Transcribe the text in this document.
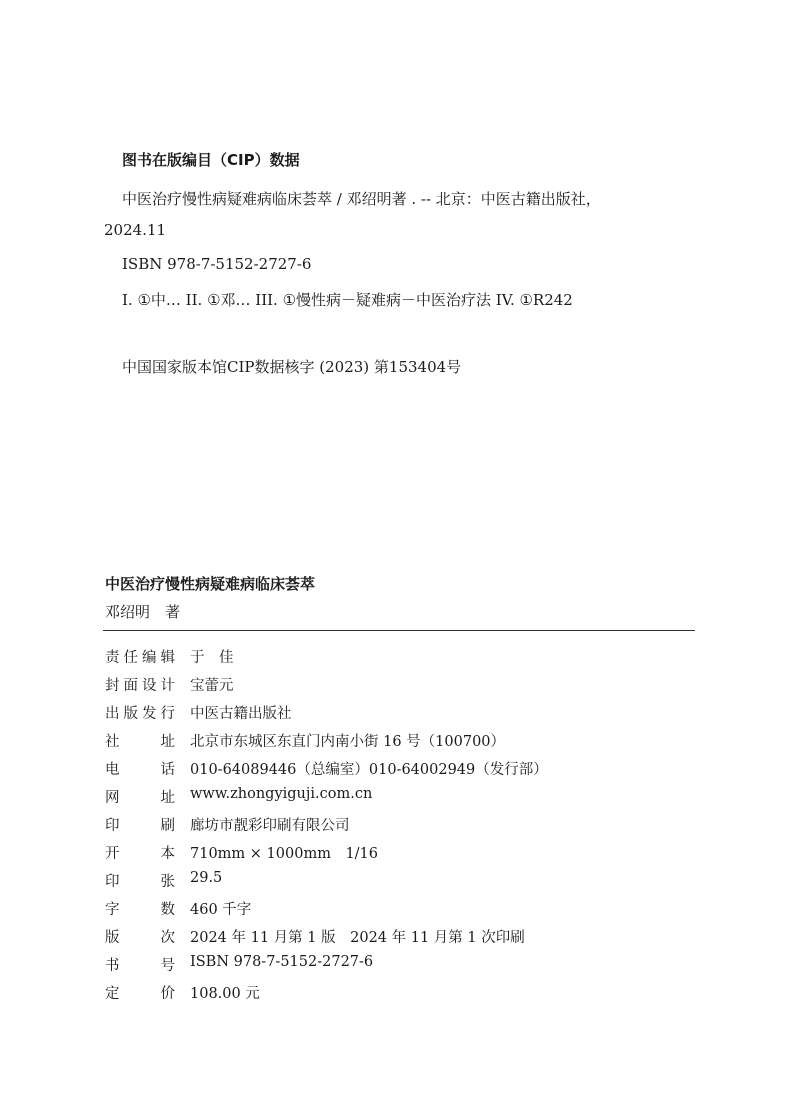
图书在版编目（CIP）数据
中医治疗慢性病疑难病临床荟萃 / 邓绍明著 . -- 北京：中医古籍出版社，
2024.11
ISBN 978-7-5152-2727-6
I. ①中… II. ①邓… III. ①慢性病－疑难病－中医治疗法 IV. ①R242
中国国家版本馆CIP数据核字 (2023) 第153404号
中医治疗慢性病疑难病临床荟萃
邓绍明　著
责 任 编 辑 于　佳
封 面 设 计 宝蕾元
出 版 发 行 中医古籍出版社
社	址 北京市东城区东直门内南小街 16 号（100700）
电	话 010-64089446（总编室）010-64002949（发行部）
网	址 www.zhongyiguji.com.cn
印	刷 廊坊市靓彩印刷有限公司
开	本 710mm × 1000mm　1/16
印	张 29.5
字	数 460 千字
版	次 2024 年 11 月第 1 版　2024 年 11 月第 1 次印刷
书	号 ISBN 978-7-5152-2727-6
定	价 108.00 元
